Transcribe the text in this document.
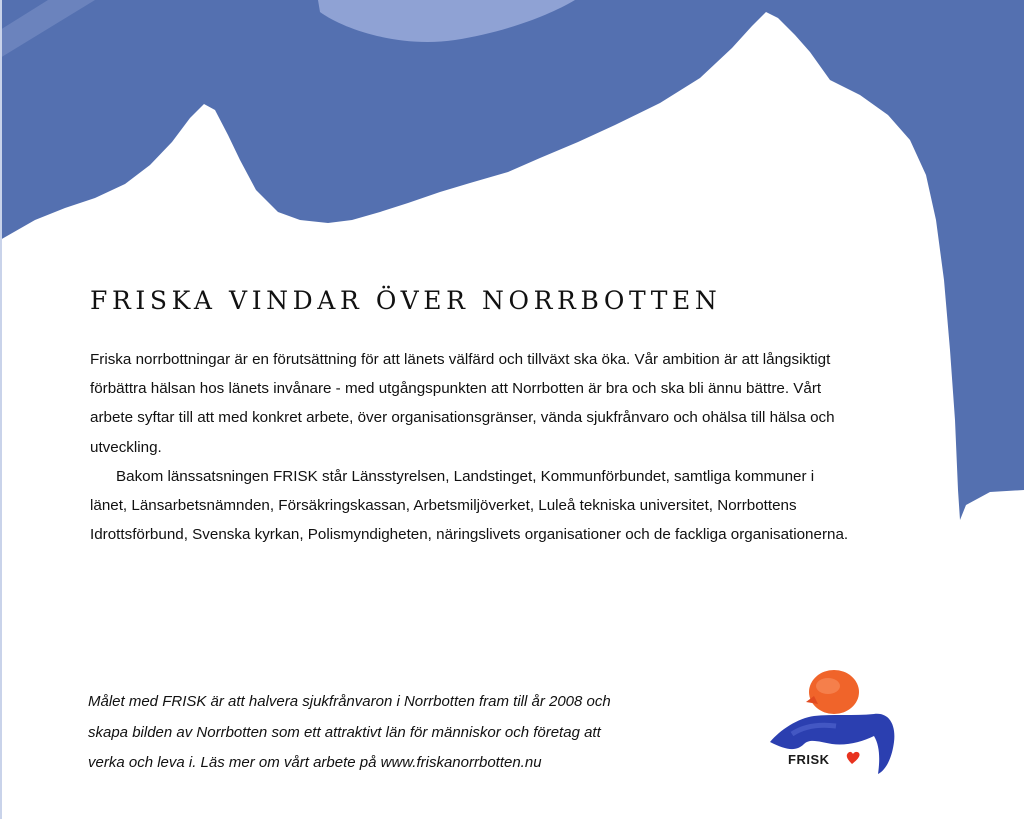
FRISKA VINDAR ÖVER NORRBOTTEN

Friska norrbottningar är en förutsättning för att länets välfärd och tillväxt ska öka. Vår ambition är att långsiktigt förbättra hälsan hos länets invånare - med utgångspunkten att Norrbotten är bra och ska bli ännu bättre. Vårt arbete syftar till att med konkret arbete, över organisationsgränser, vända sjukfrånvaro och ohälsa till hälsa och utveckling.

Bakom länssatsningen FRISK står Länsstyrelsen, Landstinget, Kommunförbundet, samtliga kommuner i länet, Länsarbetsnämnden, Försäkringskassan, Arbetsmiljöverket, Luleå tekniska universitet, Norrbottens Idrottsförbund, Svenska kyrkan, Polismyndigheten, näringslivets organisationer och de fackliga organisationerna.

Målet med FRISK är att halvera sjukfrånvaron i Norrbotten fram till år 2008 och
skapa bilden av Norrbotten som ett attraktivt län för människor och företag att
verka och leva i. Läs mer om vårt arbete på www.friskanorrbotten.nu	FRISK
